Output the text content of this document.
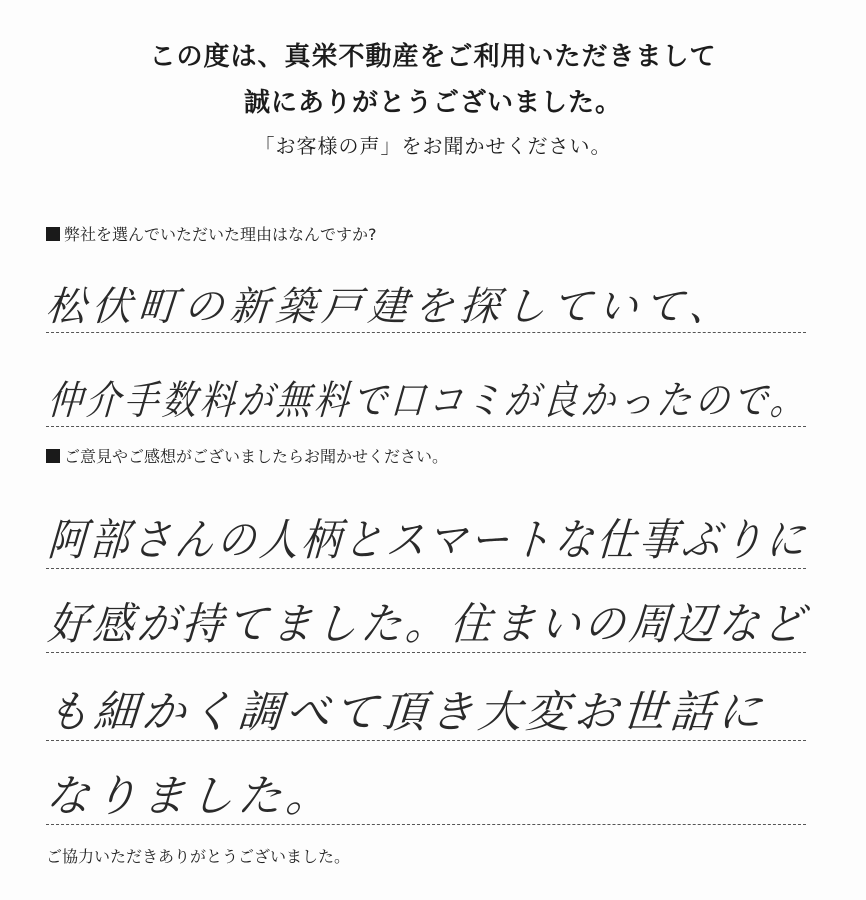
この度は、真栄不動産をご利用いただきまして
誠にありがとうございました。
「お客様の声」をお聞かせください。
弊社を選んでいただいた理由はなんですか?
松伏町の新築戸建を探していて、
仲介手数料が無料で口コミが良かったので。
ご意見やご感想がございましたらお聞かせください。
阿部さんの人柄とスマートな仕事ぶりに
好感が持てました。住まいの周辺など
も細かく調べて頂き大変お世話に
なりました。
ご協力いただきありがとうございました。
